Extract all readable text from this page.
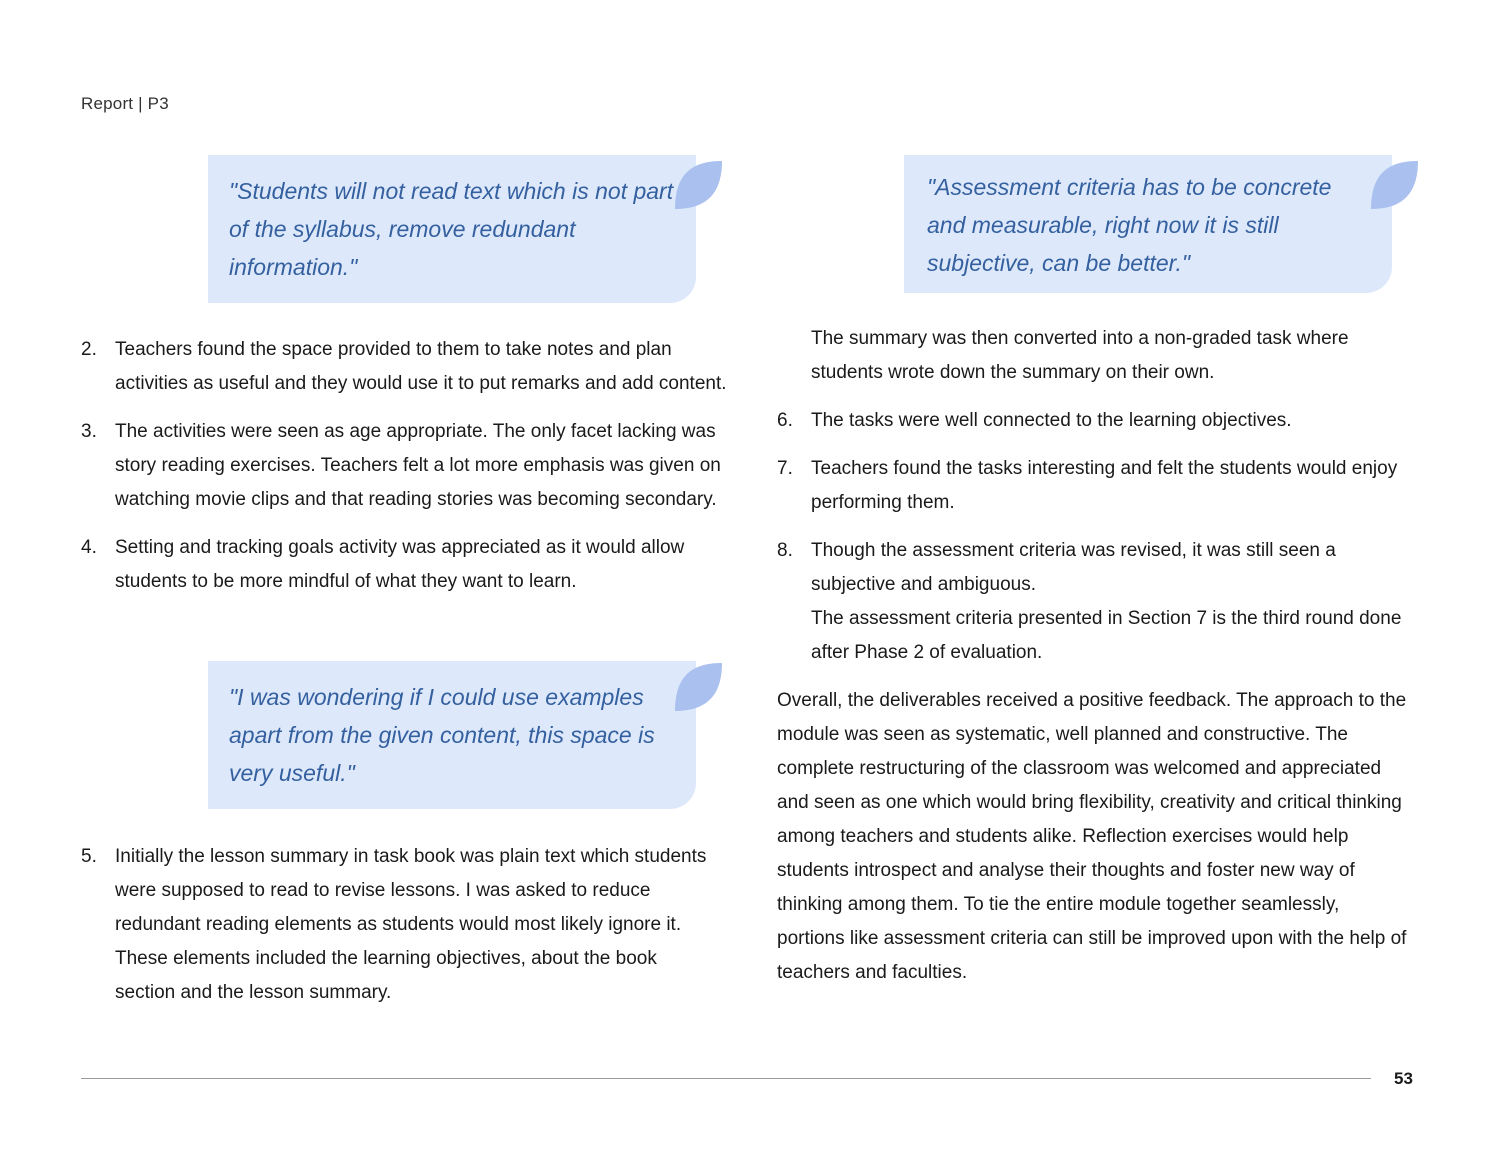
Report | P3
"Students will not read text which is not part of the syllabus, remove redundant information."
2. Teachers found the space provided to them to take notes and plan activities as useful and they would use it to put remarks and add content.
3. The activities were seen as age appropriate. The only facet lacking was story reading exercises. Teachers felt a lot more emphasis was given on watching movie clips and that reading stories was becoming secondary.
4. Setting and tracking goals activity was appreciated as it would allow students to be more mindful of what they want to learn.
"I was wondering if I could use examples apart from the given content, this space is very useful."
5. Initially the lesson summary in task book was plain text which students were supposed to read to revise lessons. I was asked to reduce redundant reading elements as students would most likely ignore it. These elements included the learning objectives, about the book section and the lesson summary.
"Assessment criteria has to be concrete and measurable, right now it is still subjective, can be better."

The summary was then converted into a non-graded task where students wrote down the summary on their own.

6. The tasks were well connected to the learning objectives.
7. Teachers found the tasks interesting and felt the students would enjoy performing them.
8. Though the assessment criteria was revised, it was still seen a subjective and ambiguous.
The assessment criteria presented in Section 7 is the third round done after Phase 2 of evaluation.

Overall, the deliverables received a positive feedback. The approach to the module was seen as systematic, well planned and constructive. The complete restructuring of the classroom was welcomed and appreciated and seen as one which would bring flexibility, creativity and critical thinking among teachers and students alike. Reflection exercises would help students introspect and analyse their thoughts and foster new way of thinking among them. To tie the entire module together seamlessly, portions like assessment criteria can still be improved upon with the help of teachers and faculties.

53
